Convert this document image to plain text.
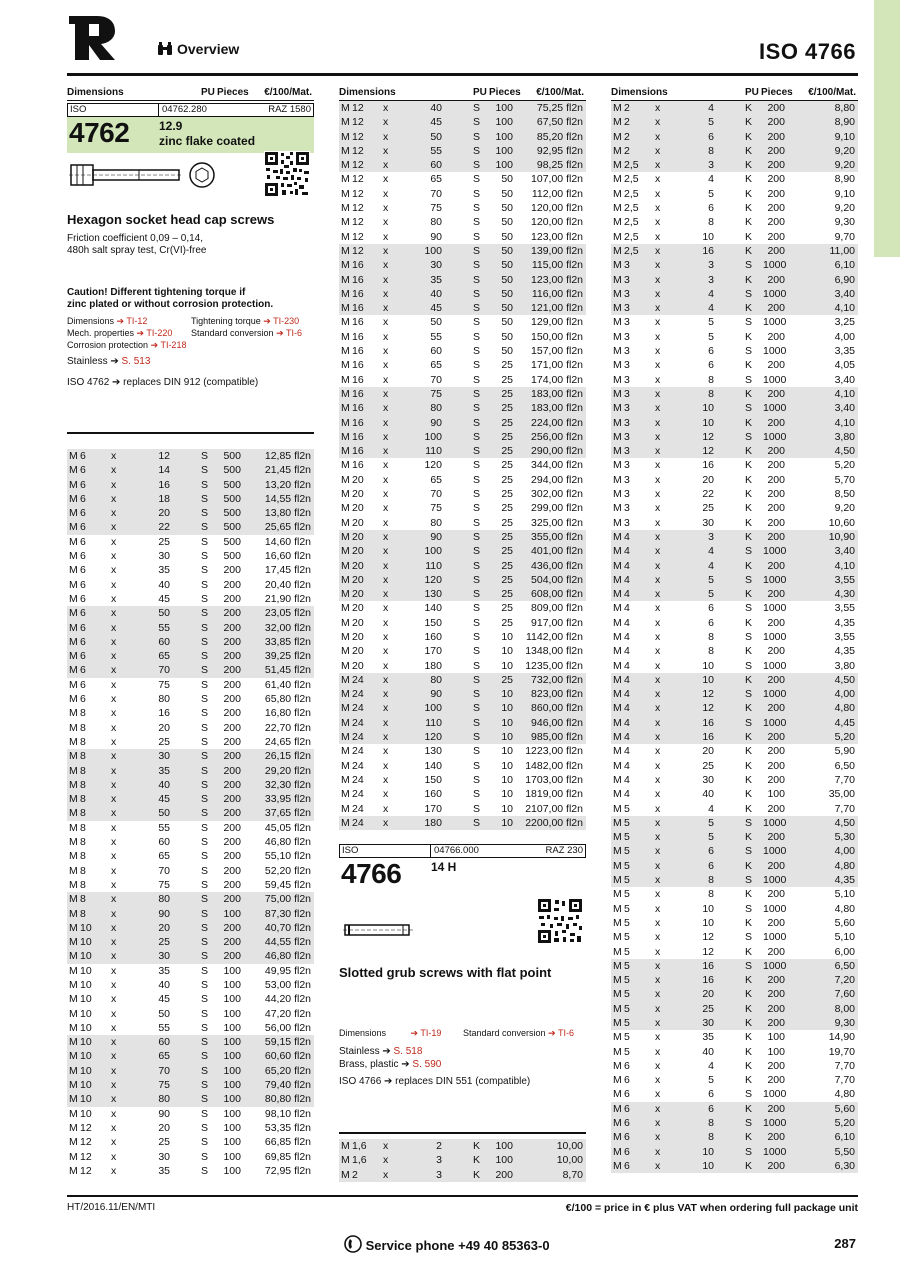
Overview	ISO 4766
Dimensions	PU Pieces €/100/Mat.
ISO	04762.280	RAZ 1580
4762 12.9
zinc flake coated
Hexagon socket head cap screws
Friction coefficient 0,09 – 0,14,
480h salt spray test, Cr(VI)-free
Caution! Different tightening torque if
zinc plated or without corrosion protection.
Dimensions ➔ TI-12	Tightening torque ➔ TI-230
Mech. properties ➔ TI-220 Standard conversion ➔ TI-6
Corrosion protection ➔ TI-218
Stainless ➔ S. 513
ISO 4762 ➔ replaces DIN 912 (compatible)
M 6 x	12	S	500 12,85 fl2n
M 6 x	14	S	500 21,45 fl2n
M 6 x	16	S	500 13,20 fl2n
M 6 x	18	S	500 14,55 fl2n
M 6 x	20	S	500 13,80 fl2n
M 6 x	22	S	500 25,65 fl2n
M 6 x	25	S	500 14,60 fl2n
M 6 x	30	S	500 16,60 fl2n
M 6 x	35	S	200 17,45 fl2n
M 6 x	40	S	200 20,40 fl2n
M 6 x	45	S	200 21,90 fl2n
M 6 x	50	S	200 23,05 fl2n
M 6 x	55	S	200 32,00 fl2n
M 6 x	60	S	200 33,85 fl2n
M 6 x	65	S	200 39,25 fl2n
M 6 x	70	S	200 51,45 fl2n
M 6 x	75	S	200 61,40 fl2n
M 6 x	80	S	200 65,80 fl2n
M 8 x	16	S	200 16,80 fl2n
M 8 x	20	S	200 22,70 fl2n
M 8 x	25	S	200 24,65 fl2n
M 8 x	30	S	200 26,15 fl2n
M 8 x	35	S	200 29,20 fl2n
M 8 x	40	S	200 32,30 fl2n
M 8 x	45	S	200 33,95 fl2n
M 8 x	50	S	200 37,65 fl2n
M 8 x	55	S	200 45,05 fl2n
M 8 x	60	S	200 46,80 fl2n
M 8 x	65	S	200 55,10 fl2n
M 8 x	70	S	200 52,20 fl2n
M 8 x	75	S	200 59,45 fl2n
M 8 x	80	S	200 75,00 fl2n
M 8 x	90	S	100 87,30 fl2n
M 10 x	20	S	200 40,70 fl2n
M 10 x	25	S	200 44,55 fl2n
M 10 x	30	S	200 46,80 fl2n
M 10 x	35	S	100 49,95 fl2n
M 10 x	40	S	100 53,00 fl2n
M 10 x	45	S	100 44,20 fl2n
M 10 x	50	S	100 47,20 fl2n
M 10 x	55	S	100 56,00 fl2n
M 10 x	60	S	100 59,15 fl2n
M 10 x	65	S	100 60,60 fl2n
M 10 x	70	S	100 65,20 fl2n
M 10 x	75	S	100 79,40 fl2n
M 10 x	80	S	100 80,80 fl2n
M 10 x	90	S	100 98,10 fl2n
M 12 x	20	S	100 53,35 fl2n
M 12 x	25	S	100 66,85 fl2n
M 12 x	30	S	100 69,85 fl2n
M 12 x	35	S	100 72,95 fl2n
Dimensions	PU Pieces €/100/Mat.
M 12 x	40	S	100 75,25 fl2n
M 12 x	45	S	100 67,50 fl2n
M 12 x	50	S	100 85,20 fl2n
M 12 x	55	S	100 92,95 fl2n
M 12 x	60	S	100 98,25 fl2n
M 12 x	65	S	50 107,00 fl2n
M 12 x	70	S	50 112,00 fl2n
M 12 x	75	S	50 120,00 fl2n
M 12 x	80	S	50 120,00 fl2n
M 12 x	90	S	50 123,00 fl2n
M 12 x	100	S	50 139,00 fl2n
M 16 x	30	S	50 115,00 fl2n
M 16 x	35	S	50 123,00 fl2n
M 16 x	40	S	50 116,00 fl2n
M 16 x	45	S	50 121,00 fl2n
M 16 x	50	S	50 129,00 fl2n
M 16 x	55	S	50 150,00 fl2n
M 16 x	60	S	50 157,00 fl2n
M 16 x	65	S	25 171,00 fl2n
M 16 x	70	S	25 174,00 fl2n
M 16 x	75	S	25 183,00 fl2n
M 16 x	80	S	25 183,00 fl2n
M 16 x	90	S	25 224,00 fl2n
M 16 x	100	S	25 256,00 fl2n
M 16 x	110	S	25 290,00 fl2n
M 16 x	120	S	25 344,00 fl2n
M 20 x	65	S	25 294,00 fl2n
M 20 x	70	S	25 302,00 fl2n
M 20 x	75	S	25 299,00 fl2n
M 20 x	80	S	25 325,00 fl2n
M 20 x	90	S	25 355,00 fl2n
M 20 x	100	S	25 401,00 fl2n
M 20 x	110	S	25 436,00 fl2n
M 20 x	120	S	25 504,00 fl2n
M 20 x	130	S	25 608,00 fl2n
M 20 x	140	S	25 809,00 fl2n
M 20 x	150	S	25 917,00 fl2n
M 20 x	160	S	10 1142,00 fl2n
M 20 x	170	S	10 1348,00 fl2n
M 20 x	180	S	10 1235,00 fl2n
M 24 x	80	S	25 732,00 fl2n
M 24 x	90	S	10 823,00 fl2n
M 24 x	100	S	10 860,00 fl2n
M 24 x	110	S	10 946,00 fl2n
M 24 x	120	S	10 985,00 fl2n
M 24 x	130	S	10 1223,00 fl2n
M 24 x	140	S	10 1482,00 fl2n
M 24 x	150	S	10 1703,00 fl2n
M 24 x	160	S	10 1819,00 fl2n
M 24 x	170	S	10 2107,00 fl2n
M 24 x	180	S	10 2200,00 fl2n
ISO	04766.000	RAZ 230
4766 14 H
Slotted grub screws with flat point
Dimensions	➔ TI-19 Standard conversion ➔ TI-6
Stainless ➔ S. 518
Brass, plastic ➔ S. 590
ISO 4766 ➔ replaces DIN 551 (compatible)
M 1,6 x	2	K	100	10,00
M 1,6 x	3	K	100	10,00
M 2 x	3	K	200	8,70
Dimensions	PU Pieces €/100/Mat.
M 2 x	4	K	200	8,80
M 2 x	5	K	200	8,90
M 2 x	6	K	200	9,10
M 2 x	8	K	200	9,20
M 2,5 x	3	K	200	9,20
M 2,5 x	4	K	200	8,90
M 2,5 x	5	K	200	9,10
M 2,5 x	6	K	200	9,20
M 2,5 x	8	K	200	9,30
M 2,5 x	10	K	200	9,70
M 2,5 x	16	K	200	11,00
M 3 x	3	S 1000	6,10
M 3 x	3	K	200	6,90
M 3 x	4	S 1000	3,40
M 3 x	4	K	200	4,10
M 3 x	5	S 1000	3,25
M 3 x	5	K	200	4,00
M 3 x	6	S 1000	3,35
M 3 x	6	K	200	4,05
M 3 x	8	S 1000	3,40
M 3 x	8	K	200	4,10
M 3 x	10	S 1000	3,40
M 3 x	10	K	200	4,10
M 3 x	12	S 1000	3,80
M 3 x	12	K	200	4,50
M 3 x	16	K	200	5,20
M 3 x	20	K	200	5,70
M 3 x	22	K	200	8,50
M 3 x	25	K	200	9,20
M 3 x	30	K	200	10,60
M 4 x	3	K	200	10,90
M 4 x	4	S 1000	3,40
M 4 x	4	K	200	4,10
M 4 x	5	S 1000	3,55
M 4 x	5	K	200	4,30
M 4 x	6	S 1000	3,55
M 4 x	6	K	200	4,35
M 4 x	8	S 1000	3,55
M 4 x	8	K	200	4,35
M 4 x	10	S 1000	3,80
M 4 x	10	K	200	4,50
M 4 x	12	S 1000	4,00
M 4 x	12	K	200	4,80
M 4 x	16	S 1000	4,45
M 4 x	16	K	200	5,20
M 4 x	20	K	200	5,90
M 4 x	25	K	200	6,50
M 4 x	30	K	200	7,70
M 4 x	40	K	100	35,00
M 5 x	4	K	200	7,70
M 5 x	5	S 1000	4,50
M 5 x	5	K	200	5,30
M 5 x	6	S 1000	4,00
M 5 x	6	K	200	4,80
M 5 x	8	S 1000	4,35
M 5 x	8	K	200	5,10
M 5 x	10	S 1000	4,80
M 5 x	10	K	200	5,60
M 5 x	12	S 1000	5,10
M 5 x	12	K	200	6,00
M 5 x	16	S 1000	6,50
M 5 x	16	K	200	7,20
M 5 x	20	K	200	7,60
M 5 x	25	K	200	8,00
M 5 x	30	K	200	9,30
M 5 x	35	K	100	14,90
M 5 x	40	K	100	19,70
M 6 x	4	K	200	7,70
M 6 x	5	K	200	7,70
M 6 x	6	S 1000	4,80
M 6 x	6	K	200	5,60
M 6 x	8	S 1000	5,20
M 6 x	8	K	200	6,10
M 6 x	10	S 1000	5,50
M 6 x	10	K	200	6,30
HT/2016.11/EN/MTI	€/100 = price in € plus VAT when ordering full package unit
Service phone +49 40 85363-0	287
